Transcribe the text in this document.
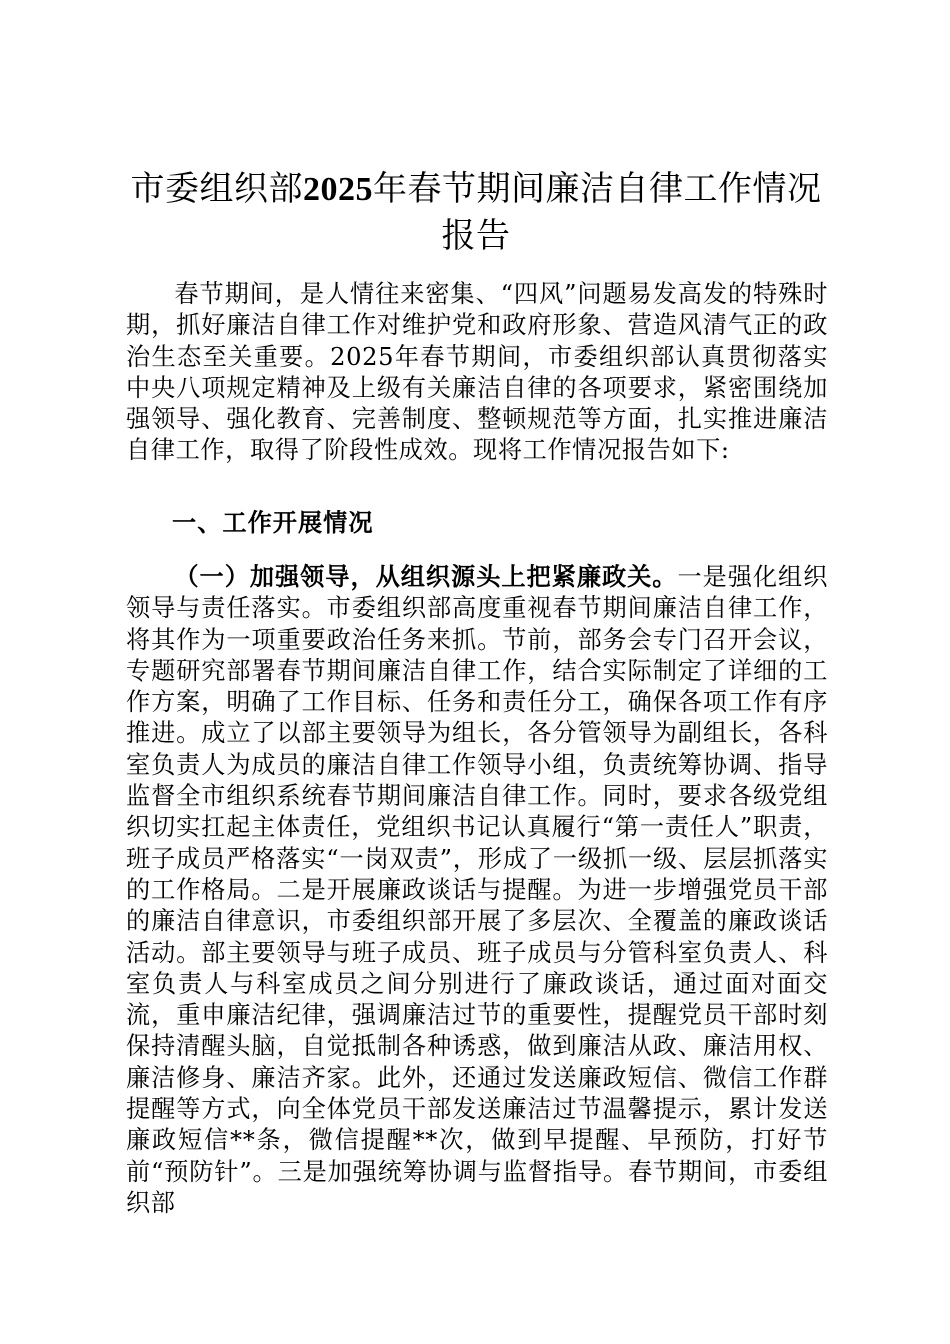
市委组织部2025年春节期间廉洁自律工作情况报告

春节期间，是人情往来密集、“四风”问题易发高发的特殊时期，抓好廉洁自律工作对维护党和政府形象、营造风清气正的政治生态至关重要。2025年春节期间，市委组织部认真贯彻落实中央八项规定精神及上级有关廉洁自律的各项要求，紧密围绕加强领导、强化教育、完善制度、整顿规范等方面，扎实推进廉洁自律工作，取得了阶段性成效。现将工作情况报告如下:

一、工作开展情况

（一）加强领导，从组织源头上把紧廉政关。一是强化组织领导与责任落实。市委组织部高度重视春节期间廉洁自律工作，将其作为一项重要政治任务来抓。节前，部务会专门召开会议，专题研究部署春节期间廉洁自律工作，结合实际制定了详细的工作方案，明确了工作目标、任务和责任分工，确保各项工作有序推进。成立了以部主要领导为组长，各分管领导为副组长，各科室负责人为成员的廉洁自律工作领导小组，负责统筹协调、指导监督全市组织系统春节期间廉洁自律工作。同时，要求各级党组织切实扛起主体责任，党组织书记认真履行“第一责任人”职责，班子成员严格落实“一岗双责”，形成了一级抓一级、层层抓落实的工作格局。二是开展廉政谈话与提醒。为进一步增强党员干部的廉洁自律意识，市委组织部开展了多层次、全覆盖的廉政谈话活动。部主要领导与班子成员、班子成员与分管科室负责人、科室负责人与科室成员之间分别进行了廉政谈话，通过面对面交流，重申廉洁纪律，强调廉洁过节的重要性，提醒党员干部时刻保持清醒头脑，自觉抵制各种诱惑，做到廉洁从政、廉洁用权、廉洁修身、廉洁齐家。此外，还通过发送廉政短信、微信工作群提醒等方式，向全体党员干部发送廉洁过节温馨提示，累计发送廉政短信**条，微信提醒**次，做到早提醒、早预防，打好节前“预防针”。三是加强统筹协调与监督指导。春节期间，市委组织部
